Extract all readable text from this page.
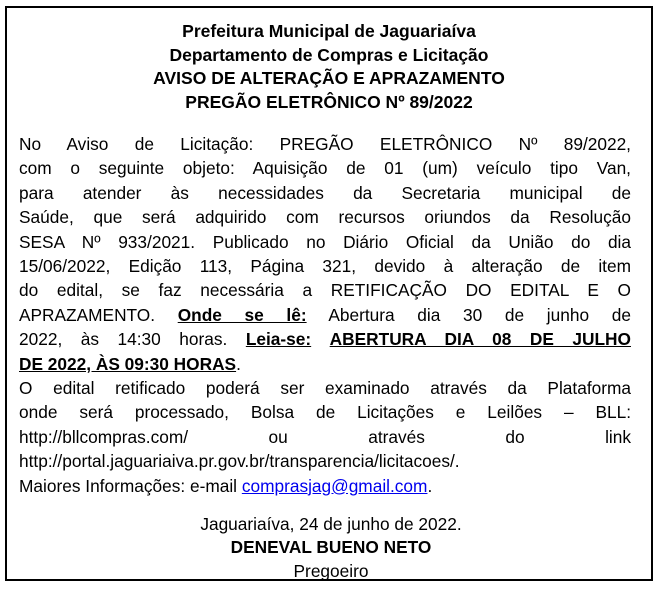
Prefeitura Municipal de Jaguariaíva
Departamento de Compras e Licitação
AVISO DE ALTERAÇÃO E APRAZAMENTO
PREGÃO ELETRÔNICO Nº 89/2022
No Aviso de Licitação: PREGÃO ELETRÔNICO Nº 89/2022,
com o seguinte objeto: Aquisição de 01 (um) veículo tipo Van,
para atender às necessidades da Secretaria municipal de
Saúde, que será adquirido com recursos oriundos da Resolução
SESA Nº 933/2021. Publicado no Diário Oficial da União do dia
15/06/2022, Edição 113, Página 321, devido à alteração de item
do edital, se faz necessária a RETIFICAÇÃO DO EDITAL E O
APRAZAMENTO. Onde se lê: Abertura dia 30 de junho de
2022, às 14:30 horas. Leia-se: ABERTURA DIA 08 DE JULHO
DE 2022, ÀS 09:30 HORAS.
O edital retificado poderá ser examinado através da Plataforma
onde será processado, Bolsa de Licitações e Leilões – BLL:
http://bllcompras.com/	ou	através	do	link
http://portal.jaguariaiva.pr.gov.br/transparencia/licitacoes/.
Maiores Informações: e-mail comprasjag@gmail.com.
Jaguariaíva, 24 de junho de 2022.
DENEVAL BUENO NETO
Pregoeiro
